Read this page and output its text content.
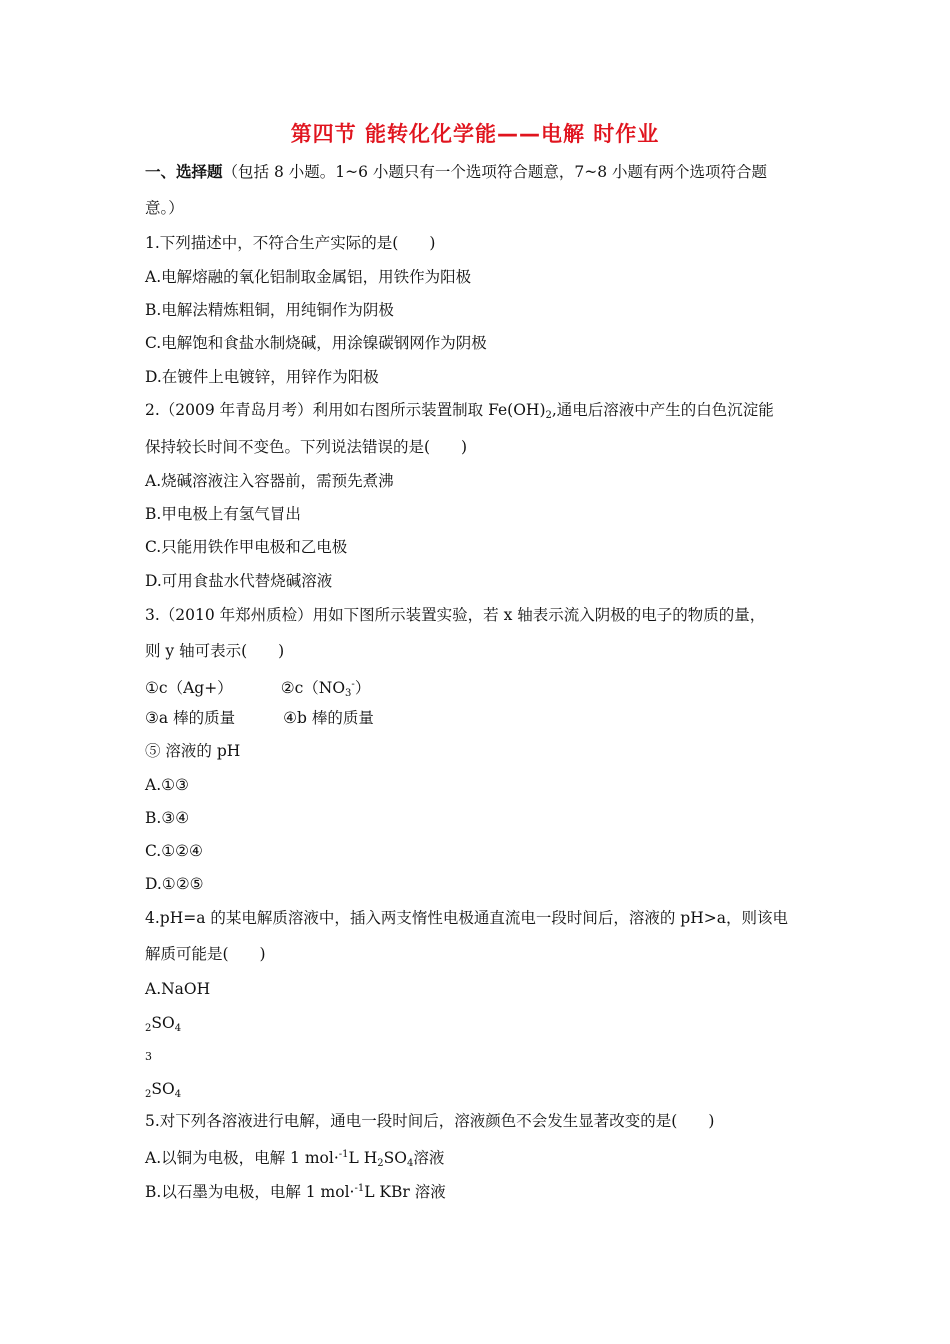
第四节 能转化化学能——电解 时作业
一、选择题（包括 8 小题。1~6 小题只有一个选项符合题意，7~8 小题有两个选项符合题
意。）
1.下列描述中，不符合生产实际的是(　　)
A.电解熔融的氧化铝制取金属铝，用铁作为阳极
B.电解法精炼粗铜，用纯铜作为阴极
C.电解饱和食盐水制烧碱，用涂镍碳钢网作为阴极
D.在镀件上电镀锌，用锌作为阳极
2.（2009 年青岛月考）利用如右图所示装置制取 $Fe(OH)_2$,通电后溶液中产生的白色沉淀能
保持较长时间不变色。下列说法错误的是(　　)
A.烧碱溶液注入容器前，需预先煮沸
B.甲电极上有氢气冒出
C.只能用铁作甲电极和乙电极
D.可用食盐水代替烧碱溶液
3.（2010 年郑州质检）用如下图所示装置实验，若 x 轴表示流入阴极的电子的物质的量，
则 y 轴可表示(　　)
①c（Ag+）	$②c(NO_3^-)$
③a 棒的质量	④b 棒的质量
⑤ 溶液的 pH
A.①③
B.③④
C.①②④
D.①②⑤
4.pH=a 的某电解质溶液中，插入两支惰性电极通直流电一段时间后，溶液的 pH>a，则该电
解质可能是(　　)
A.NaOH
$_2SO_4$
3
$_2SO_4$
5.对下列各溶液进行电解，通电一段时间后，溶液颜色不会发生显著改变的是(　　)
A.以铜为电极，电解 1 mol·$^{-1}$L $H_2SO_4$溶液
B.以石墨为电极，电解 1 mol·$^{-1}$L KBr 溶液
